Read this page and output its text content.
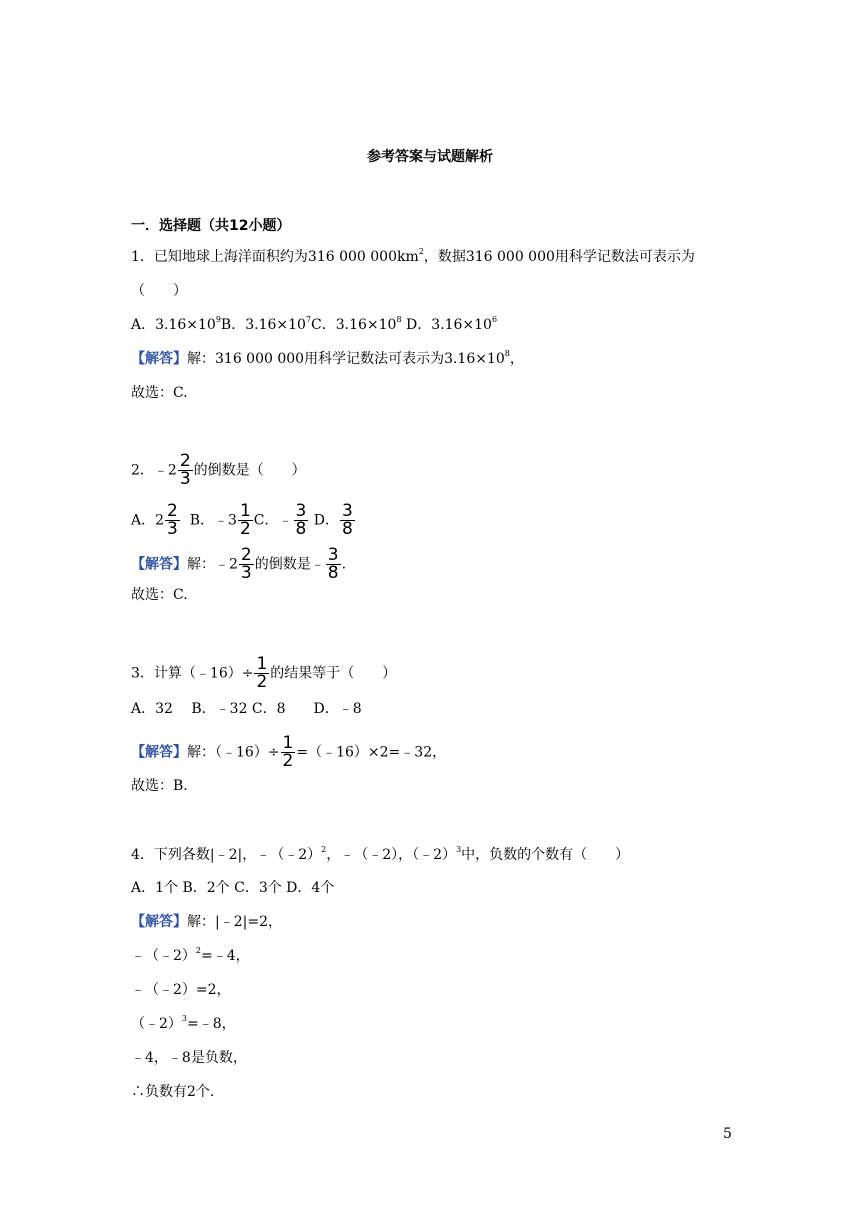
参考答案与试题解析
一．选择题（共12小题）
1．已知地球上海洋面积约为316 000 $000km^2$，数据316 000 000用科学记数法可表示为
（　　）
A．$3.16\times 10^9B$．$3.16\times 10^7C$．$3.16\times 10^8$ D．$3.16\times 10^6$
【解答】解：316 000 000用科学记数法可表示为$3.16\times 10^8$，
故选：C.
2．﹣2 $\frac{2}{3}$ 的倒数是（　　）
A．$2 \frac{2}{3}$ B．﹣3 $\frac{1}{2}$ C．﹣ $\frac{3}{8}$ D． $\frac{3}{8}$
【解答】解：﹣2 $\frac{2}{3}$ 的倒数是﹣ $\frac{3}{8}$ .
故选：C.
3．计算（﹣16）÷ $\frac{1}{2}$ 的结果等于（　　）
A．32　 B．﹣32 C．8　　D．﹣8
【解答】解：（﹣16）÷ $\frac{1}{2}$ =（﹣16）×2=﹣32，
故选：B.
4．下列各数|﹣2|，﹣（﹣2）$^2$，﹣（﹣2），（﹣2）$^3$中，负数的个数有（　　）
A．1个 B．2个 C．3个 D．4个
【解答】解：|﹣2|=2，
﹣（﹣2）$^2$=﹣4，
﹣（﹣2）=2，
（﹣2）$^3$=﹣8，
﹣4，﹣8是负数，
∴负数有2个.
5
